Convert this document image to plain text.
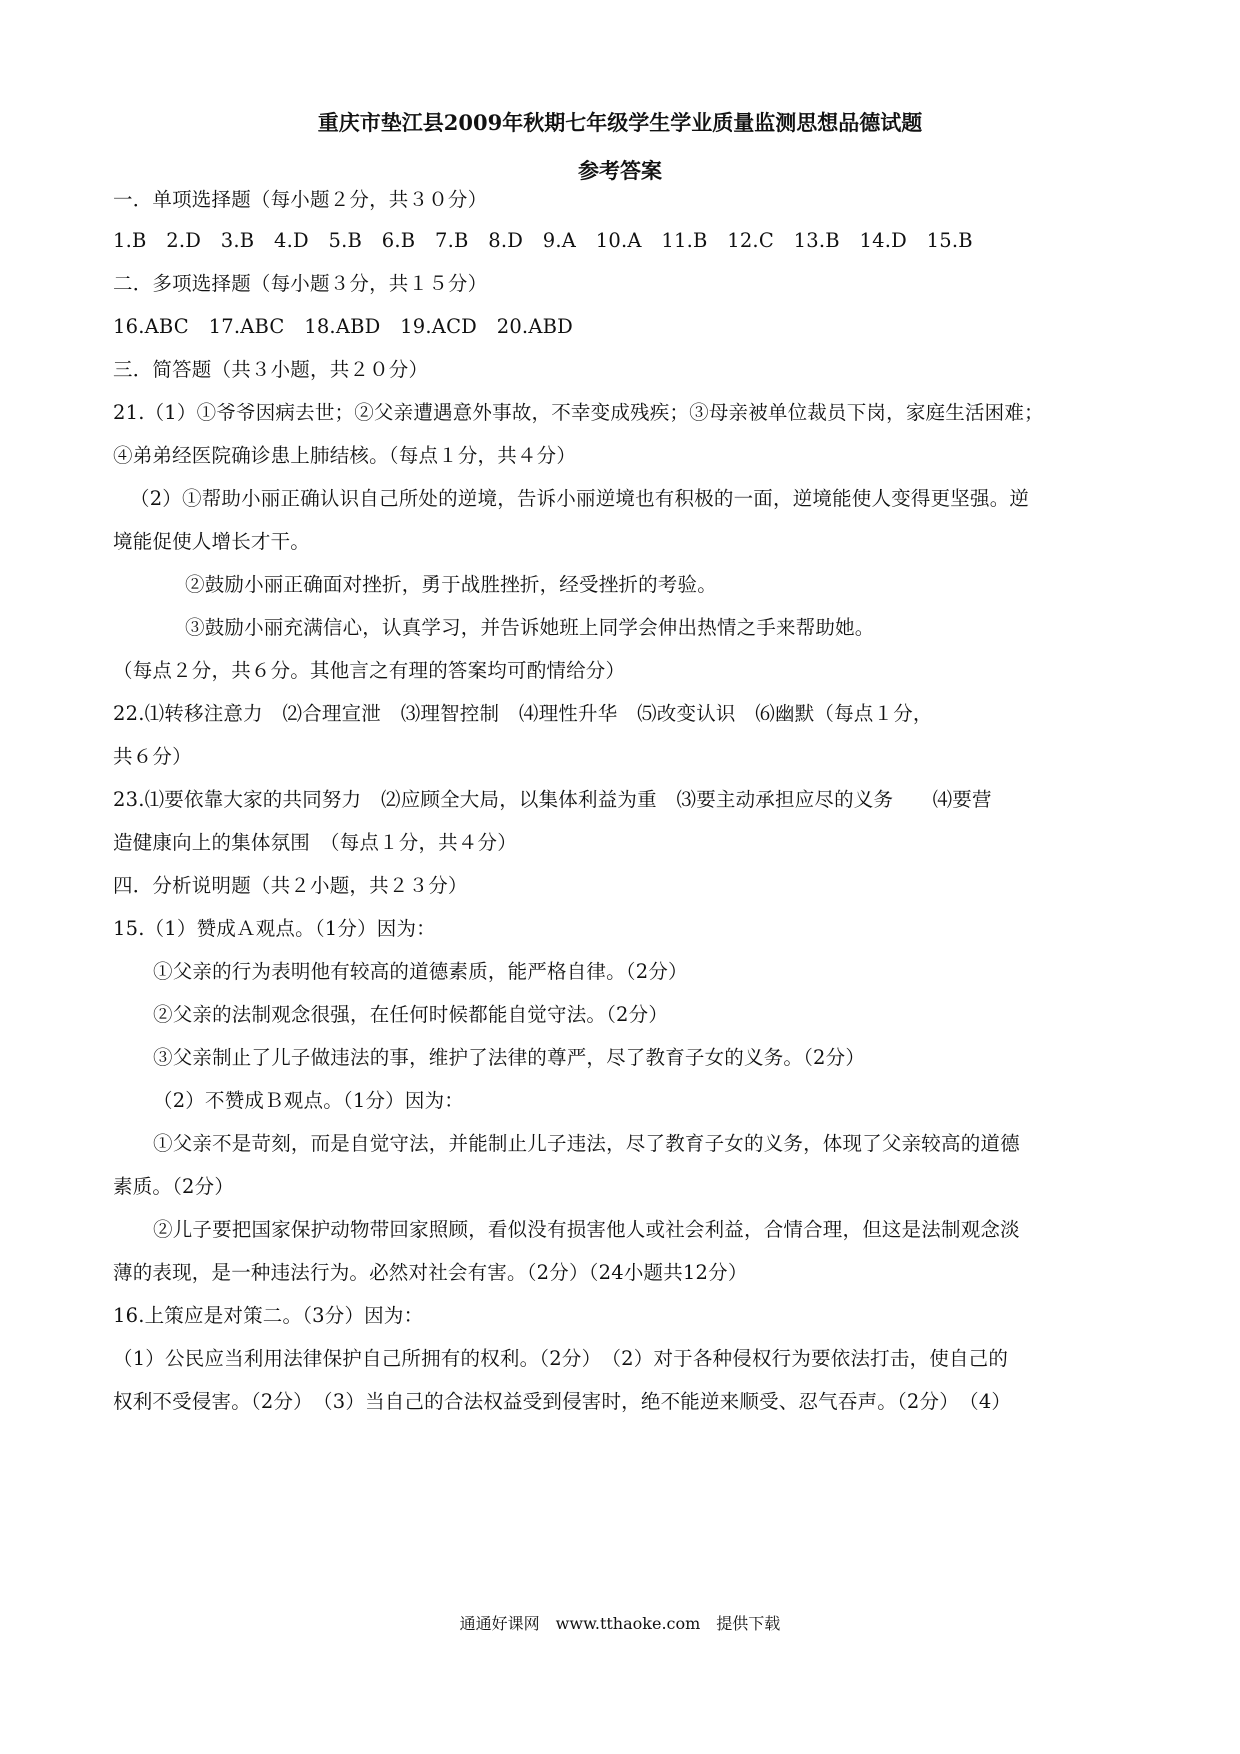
重庆市垫江县2009年秋期七年级学生学业质量监测思想品德试题
参考答案
一．单项选择题（每小题２分，共３０分）
1.B　2.D　3.B　4.D　5.B　6.B　7.B　8.D　9.A　10.A　11.B　12.C　13.B　14.D　15.B
二．多项选择题（每小题３分，共１５分）
16.ABC　17.ABC　18.ABD　19.ACD　20.ABD
三．简答题（共３小题，共２０分）
21.（1）①爷爷因病去世；②父亲遭遇意外事故，不幸变成残疾；③母亲被单位裁员下岗，家庭生活困难；
④弟弟经医院确诊患上肺结核。（每点１分，共４分）
（2）①帮助小丽正确认识自己所处的逆境，告诉小丽逆境也有积极的一面，逆境能使人变得更坚强。逆
境能促使人增长才干。
②鼓励小丽正确面对挫折，勇于战胜挫折，经受挫折的考验。
③鼓励小丽充满信心，认真学习，并告诉她班上同学会伸出热情之手来帮助她。
（每点２分，共６分。其他言之有理的答案均可酌情给分）
22.⑴转移注意力　⑵合理宣泄　⑶理智控制　⑷理性升华　⑸改变认识　⑹幽默（每点１分，
共６分）
23.⑴要依靠大家的共同努力　⑵应顾全大局，以集体利益为重　⑶要主动承担应尽的义务　　⑷要营
造健康向上的集体氛围　（每点１分，共４分）
四．分析说明题（共２小题，共２３分）
15.（1）赞成Ａ观点。（1分）因为：
①父亲的行为表明他有较高的道德素质，能严格自律。（2分）
②父亲的法制观念很强，在任何时候都能自觉守法。（2分）
③父亲制止了儿子做违法的事，维护了法律的尊严，尽了教育子女的义务。（2分）
（2）不赞成Ｂ观点。（1分）因为：
①父亲不是苛刻，而是自觉守法，并能制止儿子违法，尽了教育子女的义务，体现了父亲较高的道德
素质。（2分）
②儿子要把国家保护动物带回家照顾，看似没有损害他人或社会利益，合情合理，但这是法制观念淡
薄的表现，是一种违法行为。必然对社会有害。（2分）（24小题共12分）
16.上策应是对策二。（3分）因为：
（1）公民应当利用法律保护自己所拥有的权利。（2分）　（2）对于各种侵权行为要依法打击，使自己的
权利不受侵害。（2分）　（3）当自己的合法权益受到侵害时，绝不能逆来顺受、忍气吞声。（2分）　（4）
通通好课网　www.tthaoke.com　提供下载
